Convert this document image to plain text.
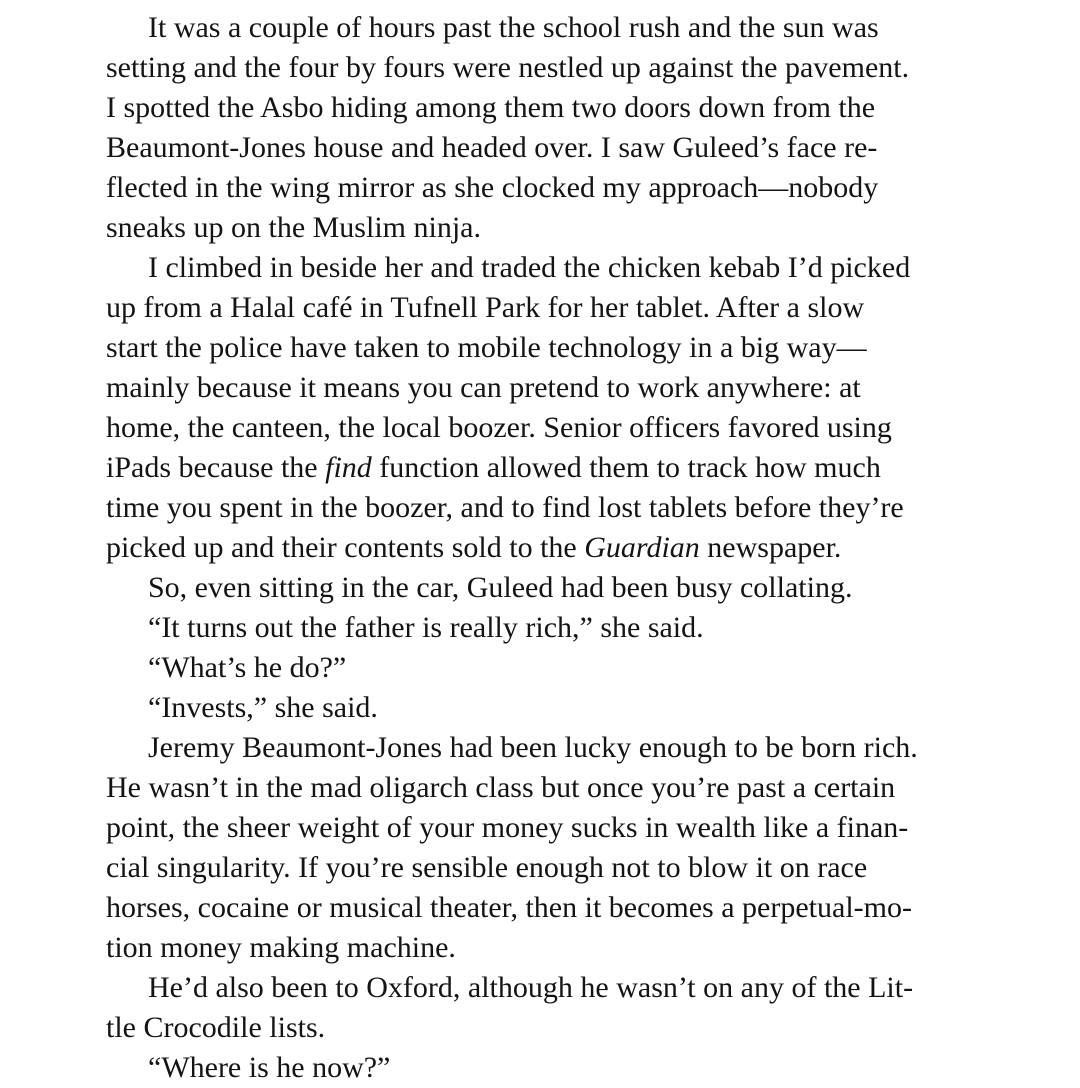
It was a couple of hours past the school rush and the sun was
setting and the four by fours were nestled up against the pavement.
I spotted the Asbo hiding among them two doors down from the
Beaumont-Jones house and headed over. I saw Guleed’s face re-
flected in the wing mirror as she clocked my approach—nobody
sneaks up on the Muslim ninja.
I climbed in beside her and traded the chicken kebab I’d picked
up from a Halal café in Tufnell Park for her tablet. After a slow
start the police have taken to mobile technology in a big way—
mainly because it means you can pretend to work anywhere: at
home, the canteen, the local boozer. Senior officers favored using
iPads because the find function allowed them to track how much
time you spent in the boozer, and to find lost tablets before they’re
picked up and their contents sold to the Guardian newspaper.
So, even sitting in the car, Guleed had been busy collating.
“It turns out the father is really rich,” she said.
“What’s he do?”
“Invests,” she said.
Jeremy Beaumont-Jones had been lucky enough to be born rich.
He wasn’t in the mad oligarch class but once you’re past a certain
point, the sheer weight of your money sucks in wealth like a finan-
cial singularity. If you’re sensible enough not to blow it on race
horses, cocaine or musical theater, then it becomes a perpetual-mo-
tion money making machine.
He’d also been to Oxford, although he wasn’t on any of the Lit-
tle Crocodile lists.
“Where is he now?”
